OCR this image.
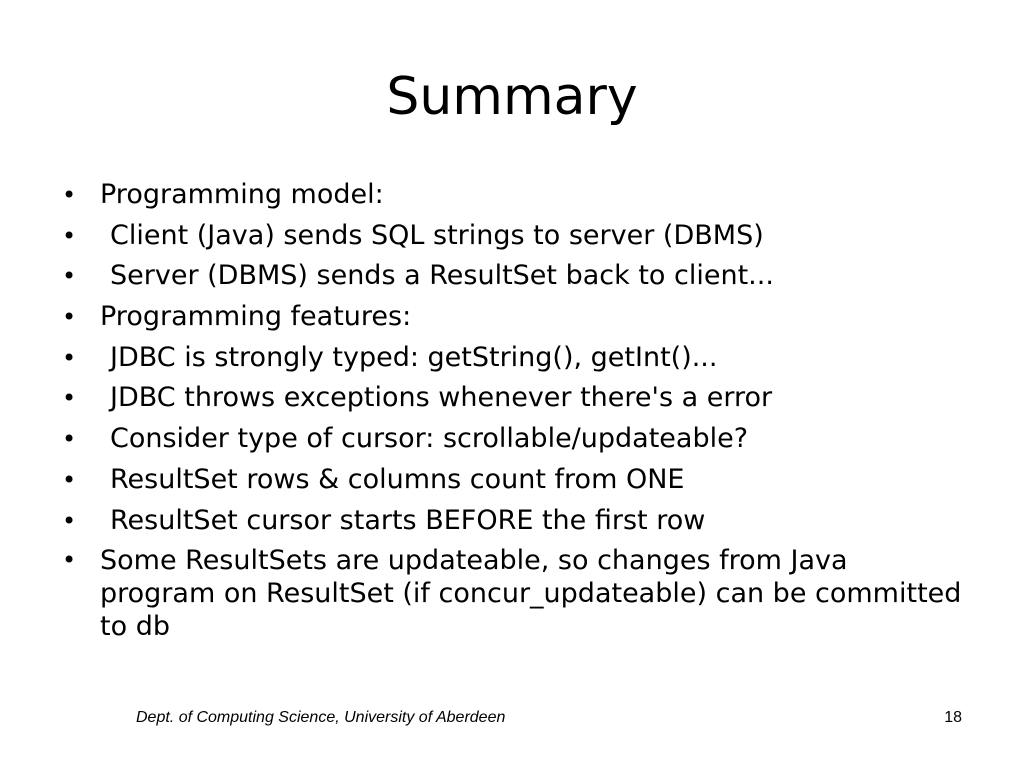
Summary
• Programming model:
•	Client (Java) sends SQL strings to server (DBMS)
•	Server (DBMS) sends a ResultSet back to client...
• Programming features:
•	JDBC is strongly typed: getString(), getInt()...
•	JDBC throws exceptions whenever there's a error
•	Consider type of cursor: scrollable/updateable?
•	ResultSet rows & columns count from ONE
•	ResultSet cursor starts BEFORE the first row
• Some ResultSets are updateable, so changes from Java program on ResultSet (if concur_updateable) can be committed to db
Dept. of Computing Science, University of Aberdeen	18
